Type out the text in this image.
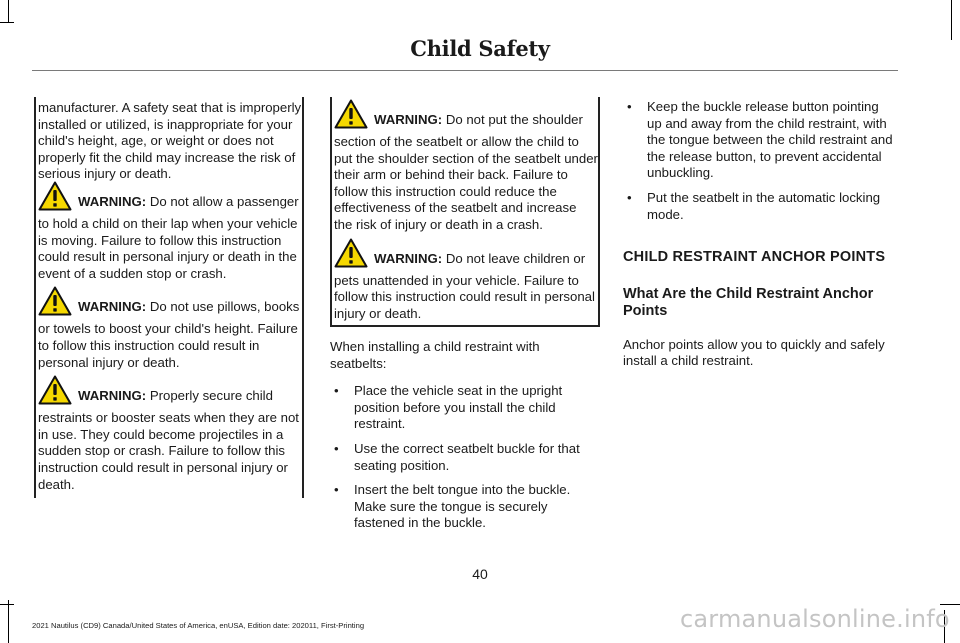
Child Safety

manufacturer. A safety seat that is improperly installed or utilized, is inappropriate for your child's height, age, or weight or does not properly fit the child may increase the risk of serious injury or death.

WARNING: Do not allow a passenger
to hold a child on their lap when your vehicle is moving. Failure to follow this instruction could result in personal injury or death in the event of a sudden stop or crash.
WARNING: Do not use pillows, books
or towels to boost your child's height. Failure to follow this instruction could result in personal injury or death.
WARNING: Properly secure child
restraints or booster seats when they are not in use. They could become projectiles in a sudden stop or crash. Failure to follow this instruction could result in personal injury or death.
WARNING: Do not put the shoulder
section of the seatbelt or allow the child to put the shoulder section of the seatbelt under their arm or behind their back. Failure to follow this instruction could reduce the effectiveness of the seatbelt and increase the risk of injury or death in a crash.
WARNING: Do not leave children or
pets unattended in your vehicle. Failure to follow this instruction could result in personal injury or death.

When installing a child restraint with seatbelts:

• Place the vehicle seat in the upright position before you install the child restraint.
• Use the correct seatbelt buckle for that seating position.
• Insert the belt tongue into the buckle. Make sure the tongue is securely fastened in the buckle.
• Keep the buckle release button pointing up and away from the child restraint, with the tongue between the child restraint and the release button, to prevent accidental unbuckling.
• Put the seatbelt in the automatic locking mode.
CHILD RESTRAINT ANCHOR POINTS
What Are the Child Restraint Anchor Points

Anchor points allow you to quickly and safely install a child restraint.

40
2021 Nautilus (CD9) Canada/United States of America, enUSA, Edition date: 202011, First-Printing	carmanualsonline.info
